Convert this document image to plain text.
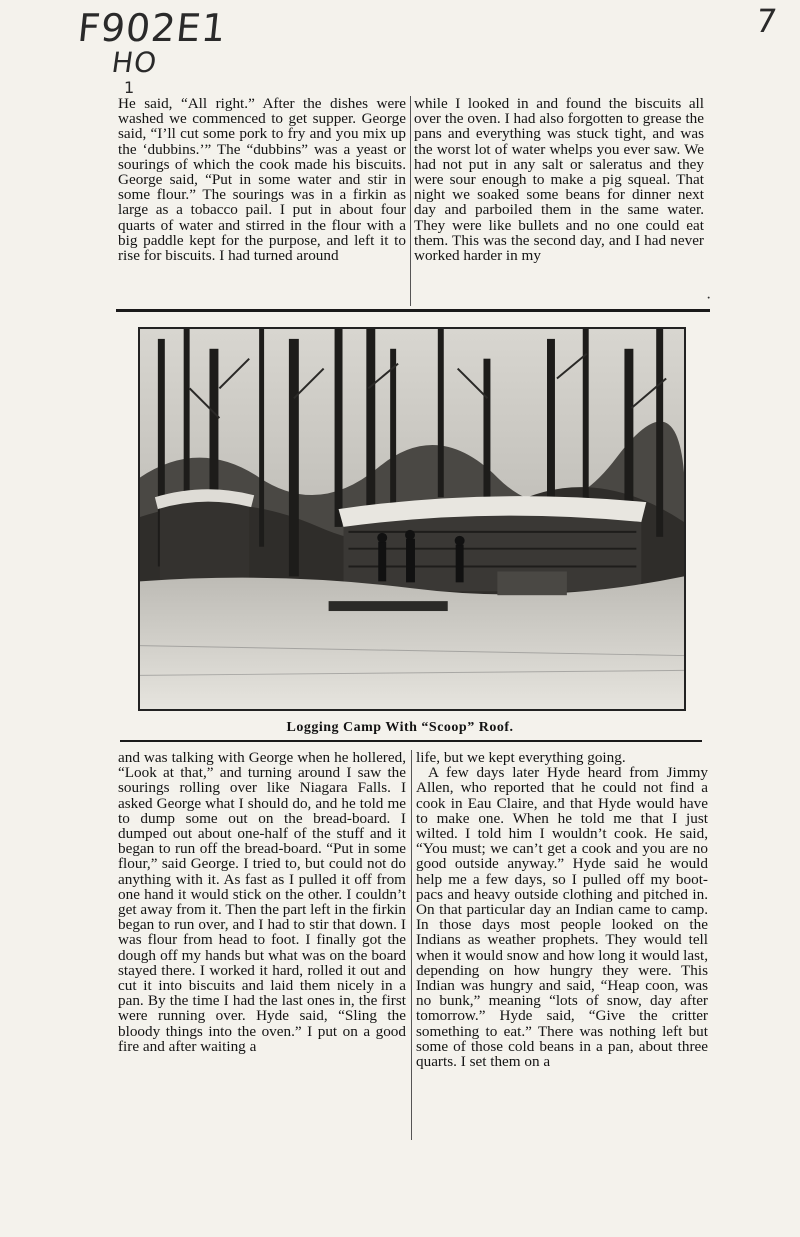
F902E1
HO
1
7

He said, “All right.” After the dishes were washed we commenced to get supper. George said, “I’ll cut some pork to fry and you mix up the ‘dubbins.’” The “dubbins” was a yeast or sourings of which the cook made his biscuits. George said, “Put in some water and stir in some flour.” The sourings was in a firkin as large as a tobacco pail. I put in about four quarts of water and stirred in the flour with a big paddle kept for the purpose, and left it to rise for biscuits. I had turned around

while I looked in and found the biscuits all over the oven. I had also forgotten to grease the pans and everything was stuck tight, and was the worst lot of water whelps you ever saw. We had not put in any salt or saleratus and they were sour enough to make a pig squeal. That night we soaked some beans for dinner next day and parboiled them in the same water. They were like bullets and no one could eat them. This was the second day, and I had never worked harder in my

·
Logging Camp With “Scoop” Roof.

and was talking with George when he hollered, “Look at that,” and turning around I saw the sourings rolling over like Niagara Falls. I asked George what I should do, and he told me to dump some out on the bread-board. I dumped out about one-half of the stuff and it began to run off the bread-board. “Put in some flour,” said George. I tried to, but could not do anything with it. As fast as I pulled it off from one hand it would stick on the other. I couldn’t get away from it. Then the part left in the firkin began to run over, and I had to stir that down. I was flour from head to foot. I finally got the dough off my hands but what was on the board stayed there. I worked it hard, rolled it out and cut it into biscuits and laid them nicely in a pan. By the time I had the last ones in, the first were running over. Hyde said, “Sling the bloody things into the oven.” I put on a good fire and after waiting a

life, but we kept everything going.

A few days later Hyde heard from Jimmy Allen, who reported that he could not find a cook in Eau Claire, and that Hyde would have to make one. When he told me that I just wilted. I told him I wouldn’t cook. He said, “You must; we can’t get a cook and you are no good outside anyway.” Hyde said he would help me a few days, so I pulled off my boot-pacs and heavy outside clothing and pitched in. On that particular day an Indian came to camp. In those days most people looked on the Indians as weather prophets. They would tell when it would snow and how long it would last, depending on how hungry they were. This Indian was hungry and said, “Heap coon, was no bunk,” meaning “lots of snow, day after tomorrow.” Hyde said, “Give the critter something to eat.” There was nothing left but some of those cold beans in a pan, about three quarts. I set them on a
